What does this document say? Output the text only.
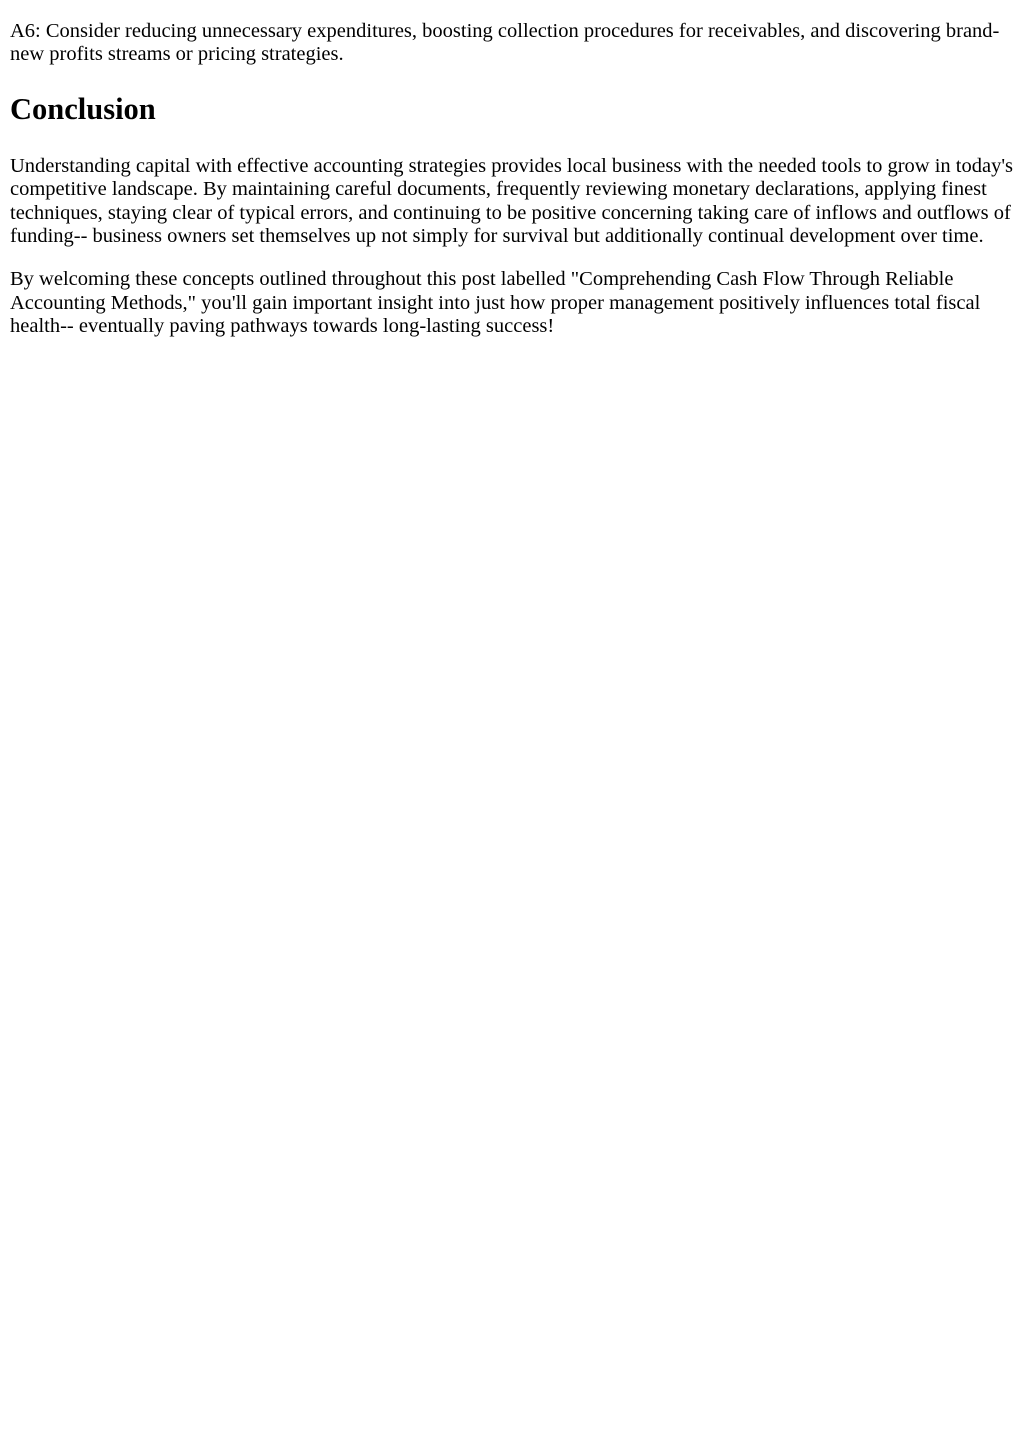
A6: Consider reducing unnecessary expenditures, boosting collection procedures for receivables, and discovering brand-new profits streams or pricing strategies.

Conclusion

Understanding capital with effective accounting strategies provides local business with the needed tools to grow in today's competitive landscape. By maintaining careful documents, frequently reviewing monetary declarations, applying finest techniques, staying clear of typical errors, and continuing to be positive concerning taking care of inflows and outflows of funding-- business owners set themselves up not simply for survival but additionally continual development over time.

By welcoming these concepts outlined throughout this post labelled "Comprehending Cash Flow Through Reliable Accounting Methods," you'll gain important insight into just how proper management positively influences total fiscal health-- eventually paving pathways towards long-lasting success!
